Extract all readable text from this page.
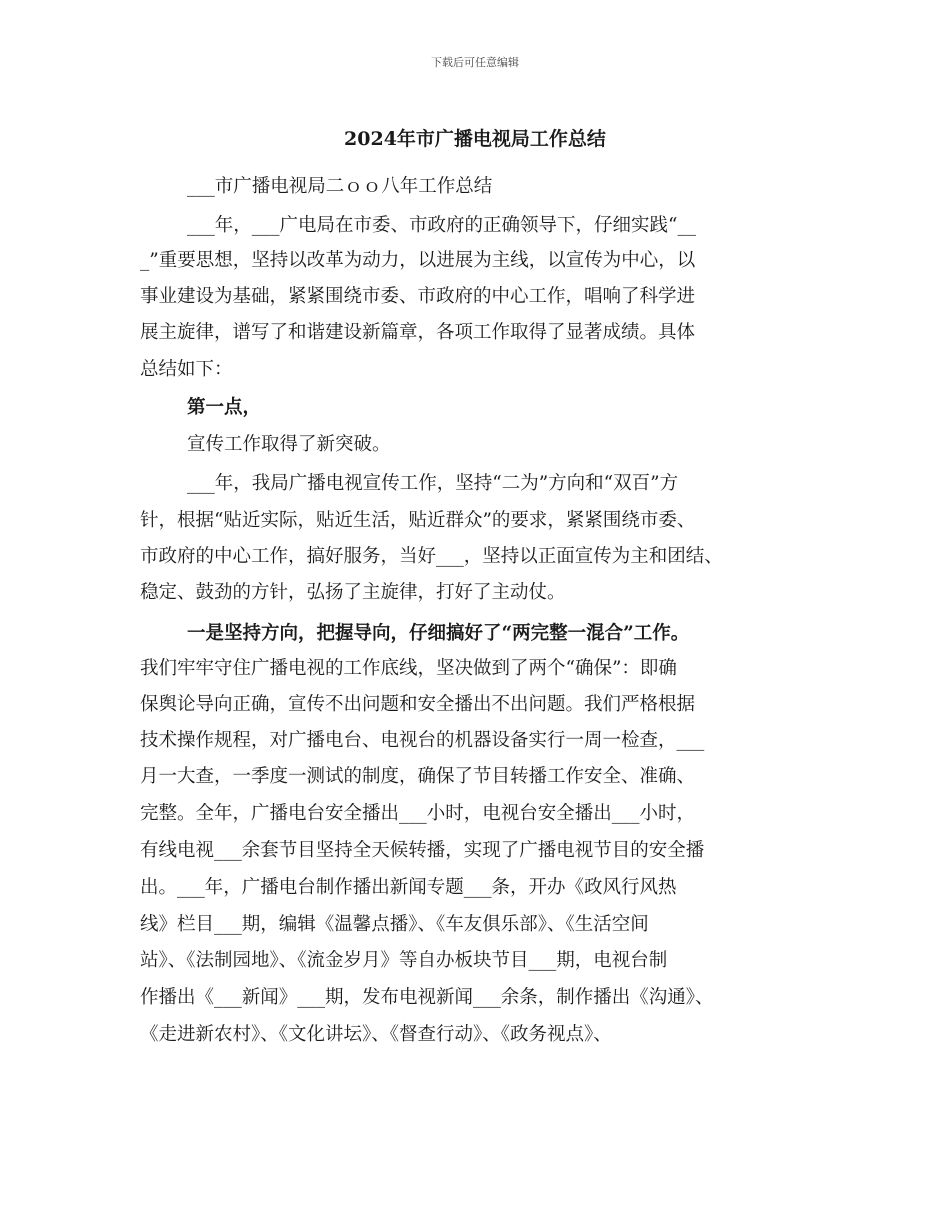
下载后可任意编辑
2024年市广播电视局工作总结
___市广播电视局二ｏｏ八年工作总结
___年，___广电局在市委、市政府的正确领导下，仔细实践“__
_”重要思想，坚持以改革为动力，以进展为主线，以宣传为中心，以
事业建设为基础，紧紧围绕市委、市政府的中心工作，唱响了科学进
展主旋律，谱写了和谐建设新篇章，各项工作取得了显著成绩。具体
总结如下：
第一点，
宣传工作取得了新突破。
___年，我局广播电视宣传工作，坚持“二为”方向和“双百”方
针，根据“贴近实际，贴近生活，贴近群众”的要求，紧紧围绕市委、
市政府的中心工作，搞好服务，当好___，坚持以正面宣传为主和团结、
稳定、鼓劲的方针，弘扬了主旋律，打好了主动仗。
一是坚持方向，把握导向，仔细搞好了“两完整一混合”工作。
我们牢牢守住广播电视的工作底线，坚决做到了两个“确保”：即确
保舆论导向正确，宣传不出问题和安全播出不出问题。我们严格根据
技术操作规程，对广播电台、电视台的机器设备实行一周一检查，___
月一大查，一季度一测试的制度，确保了节目转播工作安全、准确、
完整。全年，广播电台安全播出___小时，电视台安全播出___小时，
有线电视___余套节目坚持全天候转播，实现了广播电视节目的安全播
出。___年，广播电台制作播出新闻专题___条，开办《政风行风热
线》栏目___期，编辑《温馨点播》、《车友俱乐部》、《生活空间
站》、《法制园地》、《流金岁月》等自办板块节目___期，电视台制
作播出《___新闻》___期，发布电视新闻___余条，制作播出《沟通》、
《走进新农村》、《文化讲坛》、《督查行动》、《政务视点》、
